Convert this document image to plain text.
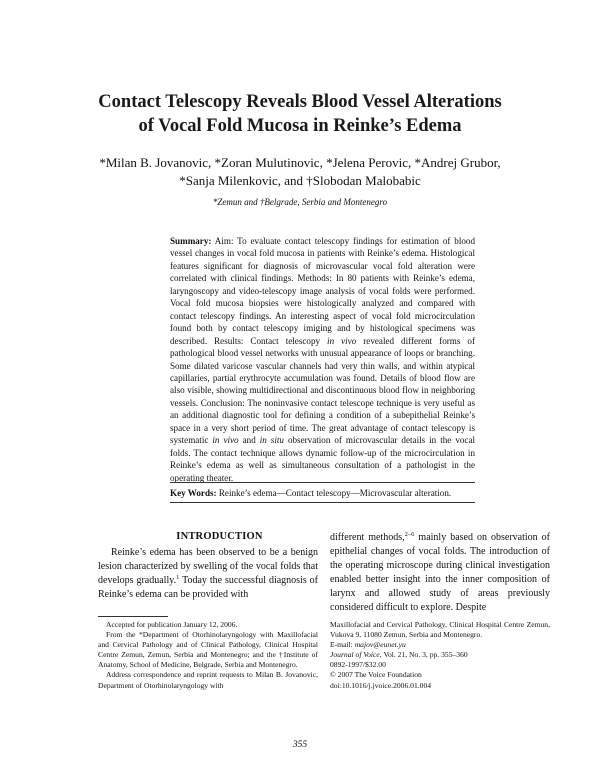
Contact Telescopy Reveals Blood Vessel Alterations
of Vocal Fold Mucosa in Reinke’s Edema
*Milan B. Jovanovic, *Zoran Mulutinovic, *Jelena Perovic, *Andrej Grubor,
*Sanja Milenkovic, and †Slobodan Malobabic
*Zemun and †Belgrade, Serbia and Montenegro
Summary: Aim: To evaluate contact telescopy findings for estimation of blood vessel changes in vocal fold mucosa in patients with Reinke’s edema. Histological features significant for diagnosis of microvascular vocal fold alteration were correlated with clinical findings. Methods: In 80 patients with Reinke’s edema, laryngoscopy and video-telescopy image analysis of vocal folds were performed. Vocal fold mucosa biopsies were histologically analyzed and compared with contact telescopy findings. An interesting aspect of vocal fold microcirculation found both by contact telescopy imiging and by histological specimens was described. Results: Contact telescopy in vivo revealed different forms of pathological blood vessel networks with unusual appearance of loops or branching. Some dilated varicose vascular channels had very thin walls, and within atypical capillaries, partial erythrocyte accumulation was found. Details of blood flow are also visible, showing multidirectional and discontinuous blood flow in neighboring vessels. Conclusion: The noninvasive contact telescope technique is very useful as an additional diagnostic tool for defining a condition of a subepithelial Reinke’s space in a very short period of time. The great advantage of contact telescopy is systematic in vivo and in situ observation of microvascular details in the vocal folds. The contact technique allows dynamic follow-up of the microcirculation in Reinke’s edema as well as simultaneous consultation of a pathologist in the operating theater.
Key Words: Reinke’s edema—Contact telescopy—Microvascular alteration.
INTRODUCTION
Reinke’s edema has been observed to be a benign lesion characterized by swelling of the vocal folds that develops gradually.$^1$ Today the successful diagnosis of Reinke’s edema can be provided with
different methods,$^{2-6}$ mainly based on observation of epithelial changes of vocal folds. The introduction of the operating microscope during clinical investigation enabled better insight into the inner composition of larynx and allowed study of areas previously considered difficult to explore. Despite
Accepted for publication January 12, 2006.
From the *Department of Otorhinolaryngology with Maxillofacial and Cervical Pathology and of Clinical Pathology, Clinical Hospital Centre Zemun, Zemun, Serbia and Montenegro; and the †Institute of Anatomy, School of Medicine, Belgrade, Serbia and Montenegro.
Address correspondence and reprint requests to Milan B. Jovanovic, Department of Otorhinolaryngology with
Maxillofacial and Cervical Pathology, Clinical Hospital Centre Zemun, Vukova 9, 11080 Zemun, Serbia and Montenegro.
E-mail: majov@eunet.yu
Journal of Voice, Vol. 21, No. 3, pp. 355–360
0892-1997/$32.00
© 2007 The Voice Foundation
doi:10.1016/j.jvoice.2006.01.004
355
